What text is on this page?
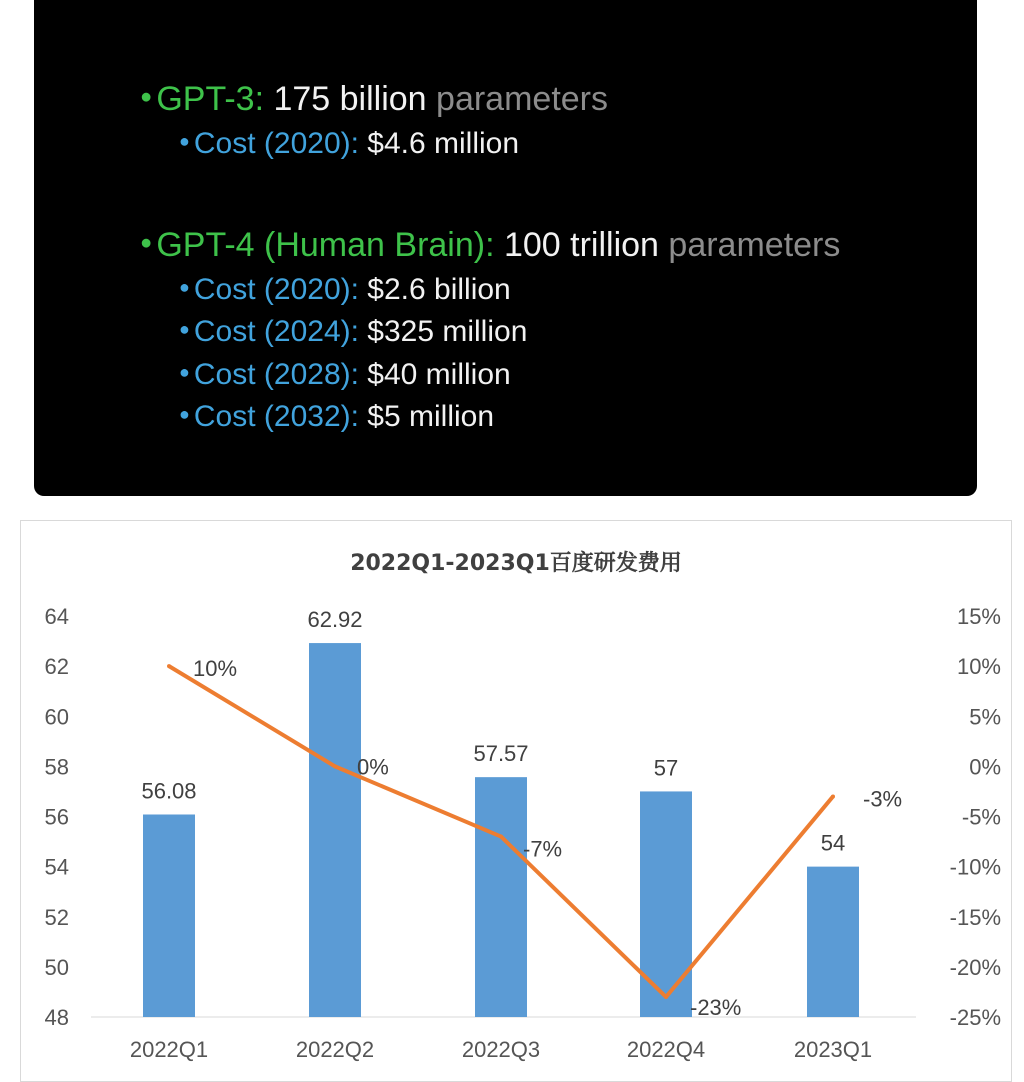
● GPT-3: 175 billion parameters
● Cost (2020): $4.6 million
● GPT-4 (Human Brain): 100 trillion parameters
● Cost (2020): $2.6 billion
● Cost (2024): $325 million
● Cost (2028): $40 million
● Cost (2032): $5 million
2022Q1-2023Q1百度研发费用
48
50
52
54
56
58
60
62
64
-25%
-20%
-15%
-10%
-5%
0%
5%
10%
15%
56.08
62.92
57.57
57
54
2022Q1	2022Q2	2022Q3	2022Q4	2023Q1
10%
0%
-7%
-23%
-3%
